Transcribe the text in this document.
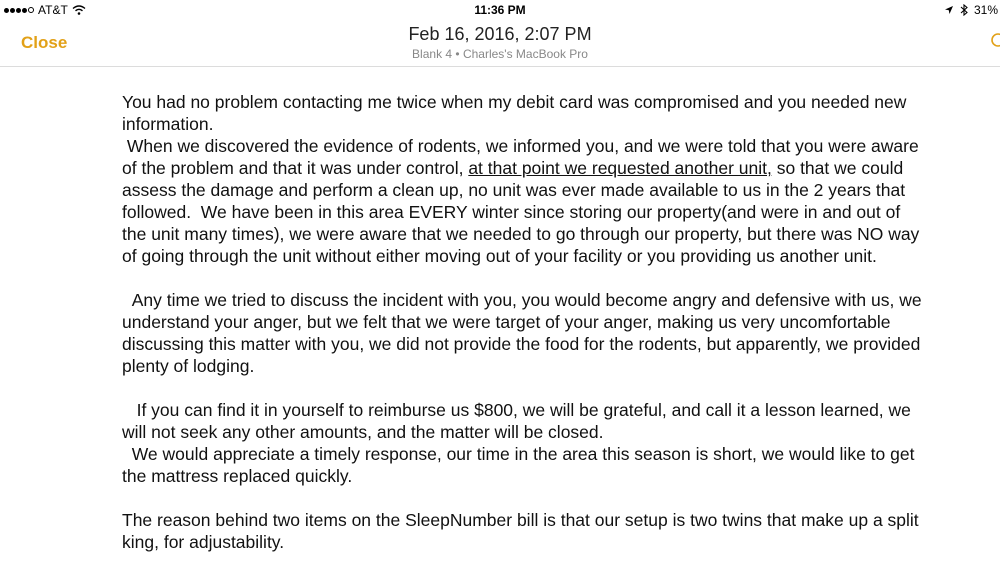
AT&T	11:36 PM	31%
Close	Feb 16, 2016, 2:07 PM
Blank 4 • Charles's MacBook Pro

You had no problem contacting me twice when my debit card was compromised and you needed new information.

When we discovered the evidence of rodents, we informed you, and we were told that you were aware of the problem and that it was under control, at that point we requested another unit, so that we could assess the damage and perform a clean up, no unit was ever made available to us in the 2 years that followed.  We have been in this area EVERY winter since storing our property(and were in and out of the unit many times), we were aware that we needed to go through our property, but there was NO way of going through the unit without either moving out of your facility or you providing us another unit.

Any time we tried to discuss the incident with you, you would become angry and defensive with us, we understand your anger, but we felt that we were target of your anger, making us very uncomfortable discussing this matter with you, we did not provide the food for the rodents, but apparently, we provided plenty of lodging.

If you can find it in yourself to reimburse us $800, we will be grateful, and call it a lesson learned, we will not seek any other amounts, and the matter will be closed.

We would appreciate a timely response, our time in the area this season is short, we would like to get the mattress replaced quickly.

The reason behind two items on the SleepNumber bill is that our setup is two twins that make up a split king, for adjustability.
